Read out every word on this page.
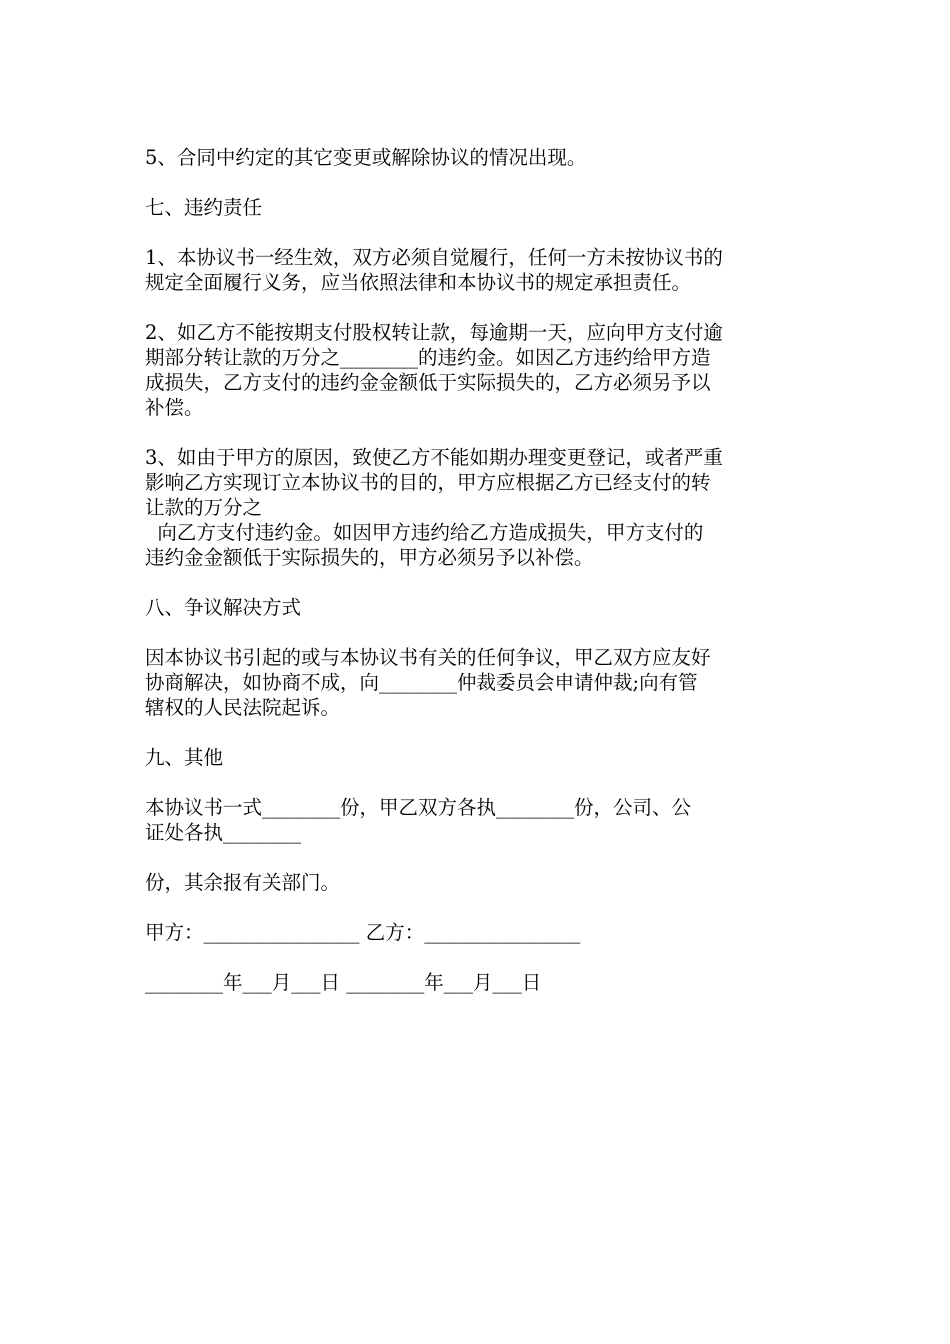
5、合同中约定的其它变更或解除协议的情况出现。

七、违约责任

1、本协议书一经生效，双方必须自觉履行，任何一方未按协议书的

规定全面履行义务，应当依照法律和本协议书的规定承担责任。

2、如乙方不能按期支付股权转让款，每逾期一天，应向甲方支付逾

期部分转让款的万分之________的违约金。如因乙方违约给甲方造

成损失，乙方支付的违约金金额低于实际损失的，乙方必须另予以

补偿。

3、如由于甲方的原因，致使乙方不能如期办理变更登记，或者严重

影响乙方实现订立本协议书的目的，甲方应根据乙方已经支付的转

让款的万分之

向乙方支付违约金。如因甲方违约给乙方造成损失，甲方支付的

违约金金额低于实际损失的，甲方必须另予以补偿。

八、争议解决方式

因本协议书引起的或与本协议书有关的任何争议，甲乙双方应友好

协商解决，如协商不成，向________仲裁委员会申请仲裁;向有管

辖权的人民法院起诉。

九、其他

本协议书一式________份，甲乙双方各执________份，公司、公

证处各执________

份，其余报有关部门。

甲方：________________ 乙方：________________

________年___月___日 ________年___月___日
